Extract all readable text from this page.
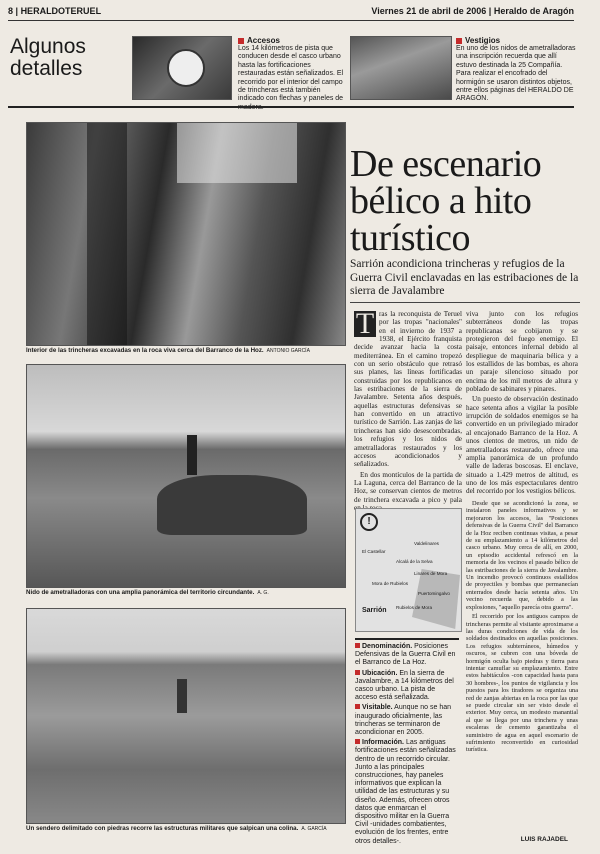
8 | HERALDOTERUEL	Viernes 21 de abril de 2006 | Heraldo de Aragón
Algunos detalles
Accesos
Los 14 kilómetros de pista que conducen desde el casco urbano hasta las fortificaciones restauradas están señalizados. El recorrido por el interior del campo de trincheras está también indicado con flechas y paneles de madera.
Vestigios
En uno de los nidos de ametralladoras una inscripción recuerda que allí estuvo destinada la 25 Compañía. Para realizar el encofrado del hormigón se usaron distintos objetos, entre ellos páginas del HERALDO DE ARAGÓN.
Interior de las trincheras excavadas en la roca viva cerca del Barranco de la Hoz. ANTONIO GARCÍA
Nido de ametralladoras con una amplia panorámica del territorio circundante. A. G.
Un sendero delimitado con piedras recorre las estructuras militares que salpican una colina. A. GARCÍA
De escenario bélico a hito turístico
Sarrión acondiciona trincheras y refugios de la Guerra Civil enclavadas en las estribaciones de la sierra de Javalambre
T ras la reconquista de Teruel por las tropas "nacionales" en el invierno de 1937 a 1938, el Ejército franquista decide avanzar hacia la costa mediterránea. En el camino tropezó con un serio obstáculo que retrasó sus planes, las líneas fortificadas construidas por los republicanos en las estribaciones de la sierra de Javalambre. Setenta años después, aquellas estructuras defensivas se han convertido en un atractivo turístico de Sarrión. Las zanjas de las trincheras han sido desescombradas, los refugios y los nidos de ametralladoras restaurados y los accesos acondicionados y señalizados.

En dos montículos de la partida de La Laguna, cerca del Barranco de la Hoz, se conservan cientos de metros de trinchera excavada a pico y pala

!
El Castellar
Valdelinares
Alcalá de la Selva
Linares de Mora
Mora de Rubielos
Puertomingalvo
Rubielos de Mora
Sarrión
Denominación. Posiciones Defensivas de la Guerra Civil en el Barranco de La Hoz.
Ubicación. En la sierra de Javalambre, a 14 kilómetros del casco urbano. La pista de acceso está señalizada.
Visitable. Aunque no se han inaugurado oficialmente, las trincheras se terminaron de acondicionar en 2005.
Información. Las antiguas fortificaciones están señalizadas dentro de un recorrido circular. Junto a las principales construcciones, hay paneles informativos que explican la utilidad de las estructuras y su diseño. Además, ofrecen otros datos que enmarcan el dispositivo militar en la Guerra Civil -unidades combatientes, evolución de los frentes, entre otros detalles-.

viva junto con los refugios subterráneos donde las tropas republicanas se cobijaron y se protegieron del fuego enemigo. El paisaje, entonces infernal debido al despliegue de maquinaria bélica y a los estallidos de las bombas, es ahora un paraje silencioso situado por encima de los mil metros de altura y poblado de sabinares y pinares.

Un puesto de observación destinado hace setenta años a vigilar la posible irrupción de soldados enemigos se ha convertido en un privilegiado mirador al encajonado Barranco de la Hoz. A unos cientos de metros, un nido de ametralladoras restaurado, ofrece una amplia panorámica de un profundo valle de laderas boscosas. El enclave, situado a 1.429 metros de altitud, es uno de los más espectaculares dentro del recorrido por los vestigios bélicos.

Desde que se acondicionó la zona, se instalaron paneles informativos y se mejoraron los accesos, las "Posiciones defensivas de la Guerra Civil" del Barranco de la Hoz reciben continuas visitas, a pesar de su emplazamiento a 14 kilómetros del casco urbano. Muy cerca de allí, en 2000, un episodio accidental refrescó en la memoria de los vecinos el pasado bélico de las estribaciones de la sierra de Javalambre. Un incendio provocó continuos estallidos de proyectiles y bombas que permanecían enterrados desde hacía setenta años. Un vecino recuerda que, debido a las explosiones, "aquello parecía otra guerra".

El recorrido por los antiguos campos de trincheras permite al visitante aproximarse a las duras condiciones de vida de los soldados destinados en aquellas posiciones. Los refugios subterráneos, húmedos y oscuros, se cubren con una bóveda de hormigón oculta bajo piedras y tierra para intentar camuflar su emplazamiento. Entre estos habitáculos -con capacidad hasta para 30 hombres-, los puntos de vigilancia y los puestos para los tiradores se organiza una red de zanjas abiertas en la roca por las que se puede circular sin ser visto desde el exterior. Muy cerca, un modesto manantial al que se llega por una trinchera y unas escaleras de cemento garantizaba el suministro de agua en aquel escenario de sufrimiento reconvertido en curiosidad turística.

LUIS RAJADEL
